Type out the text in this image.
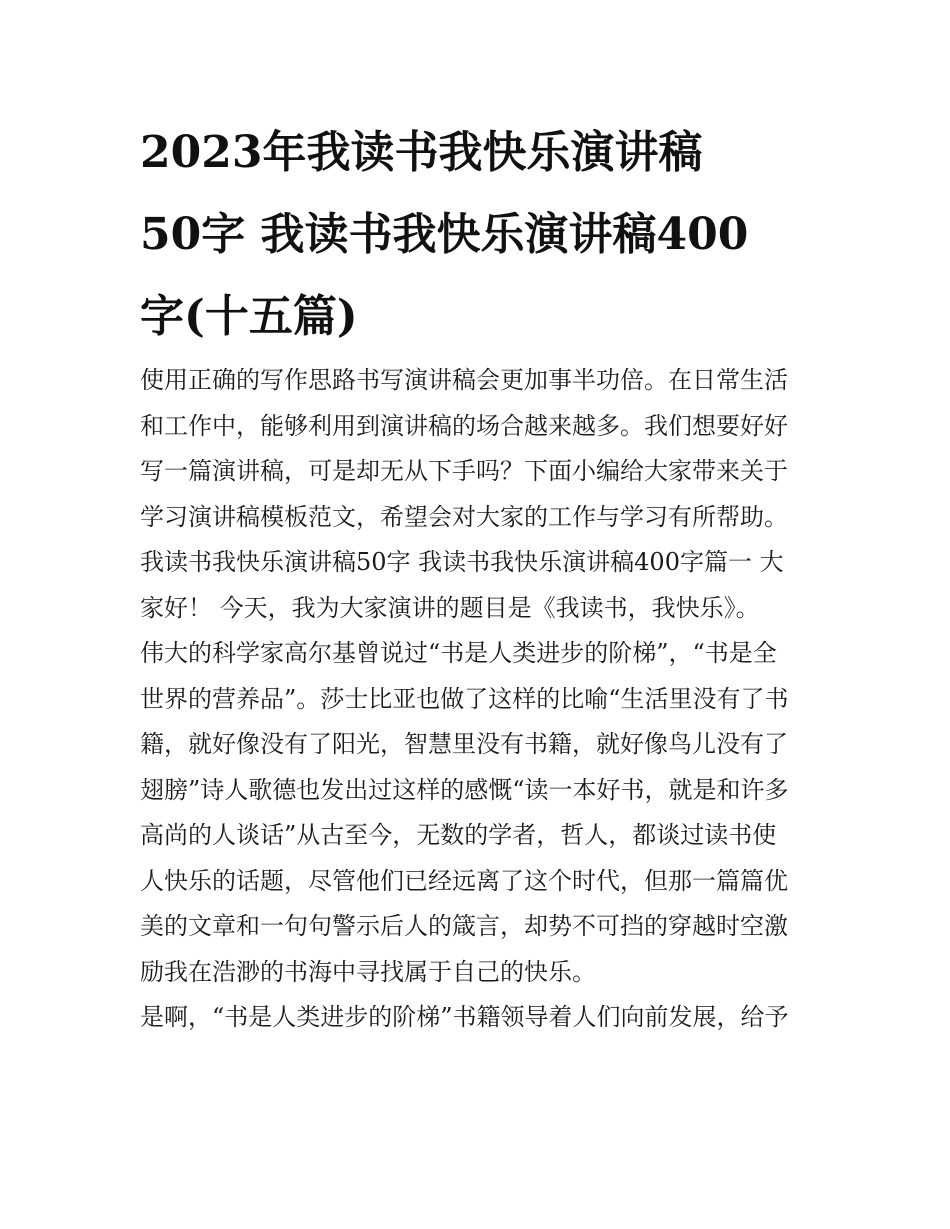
2023年我读书我快乐演讲稿
50字 我读书我快乐演讲稿400
字(十五篇)
使用正确的写作思路书写演讲稿会更加事半功倍。在日常生活
和工作中，能够利用到演讲稿的场合越来越多。我们想要好好
写一篇演讲稿，可是却无从下手吗？下面小编给大家带来关于
学习演讲稿模板范文，希望会对大家的工作与学习有所帮助。
我读书我快乐演讲稿50字 我读书我快乐演讲稿400字篇一 大
家好！ 今天，我为大家演讲的题目是《我读书，我快乐》。
伟大的科学家高尔基曾说过“书是人类进步的阶梯”，“书是全
世界的营养品”。莎士比亚也做了这样的比喻“生活里没有了书
籍，就好像没有了阳光，智慧里没有书籍，就好像鸟儿没有了
翅膀”诗人歌德也发出过这样的感慨“读一本好书，就是和许多
高尚的人谈话”从古至今，无数的学者，哲人，都谈过读书使
人快乐的话题，尽管他们已经远离了这个时代，但那一篇篇优
美的文章和一句句警示后人的箴言，却势不可挡的穿越时空激
励我在浩渺的书海中寻找属于自己的快乐。
是啊，“书是人类进步的阶梯”书籍领导着人们向前发展，给予
